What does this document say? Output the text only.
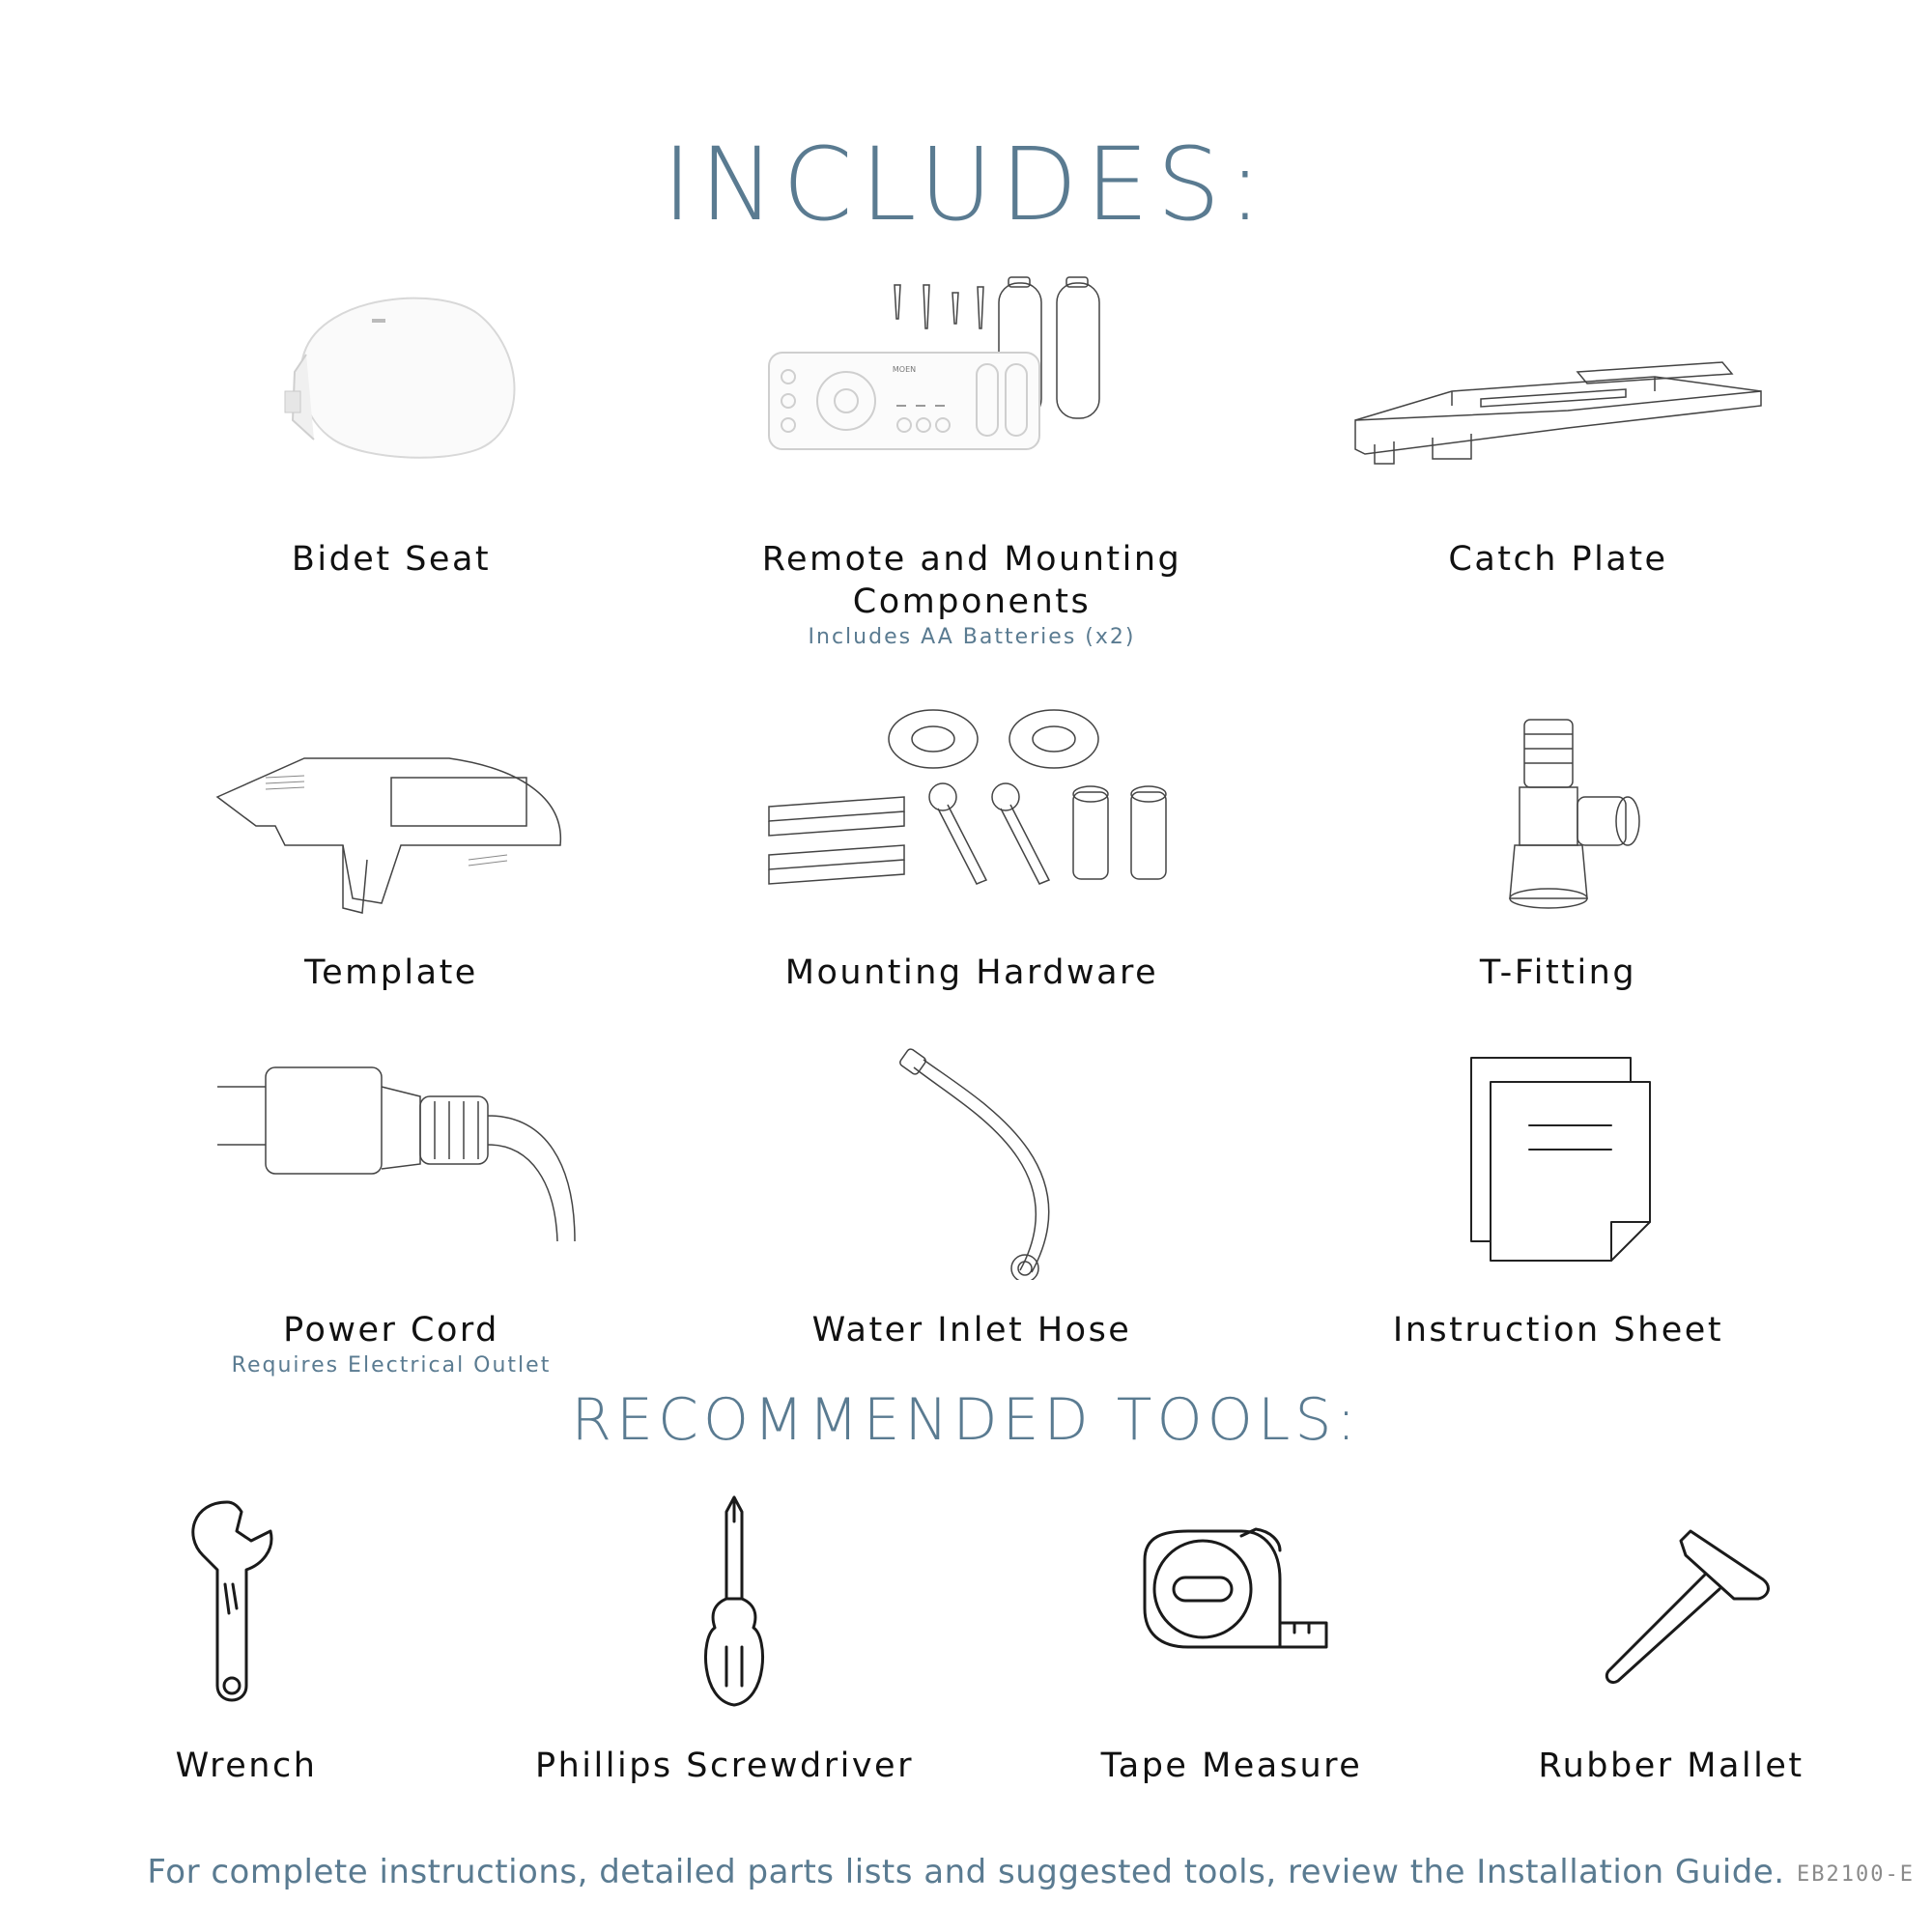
INCLUDES:
Bidet Seat
MOEN
Remote and Mounting Components
Includes AA Batteries (x2)
Catch Plate
Template	Mounting Hardware	T-Fitting
Power Cord
Requires Electrical Outlet
Water Inlet Hose	Instruction Sheet
RECOMMENDED TOOLS:
Wrench	Phillips Screwdriver	Tape Measure	Rubber Mallet
For complete instructions, detailed parts lists and suggested tools, review the Installation Guide. EB2100-E
